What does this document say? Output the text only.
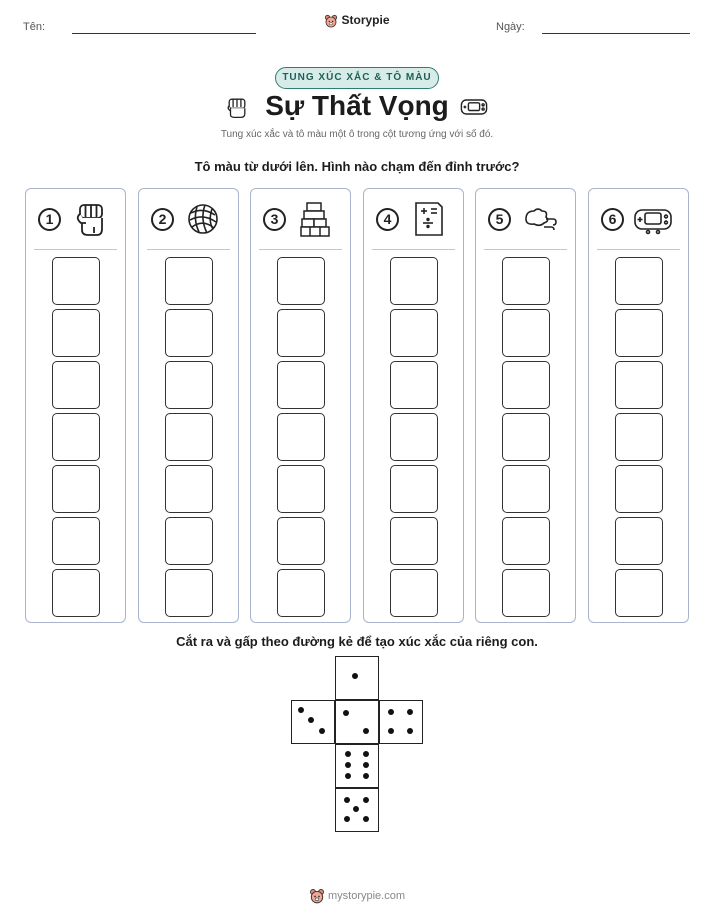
Tên:	Storypie	Ngày:
TUNG XÚC XẮC & TÔ MÀU
Sự Thất Vọng
Tung xúc xắc và tô màu một ô trong cột tương ứng với số đó.
Tô màu từ dưới lên. Hình nào chạm đến đỉnh trước?
1	2	3	4	5	6
Cắt ra và gấp theo đường kẻ để tạo xúc xắc của riêng con.
mystorypie.com
